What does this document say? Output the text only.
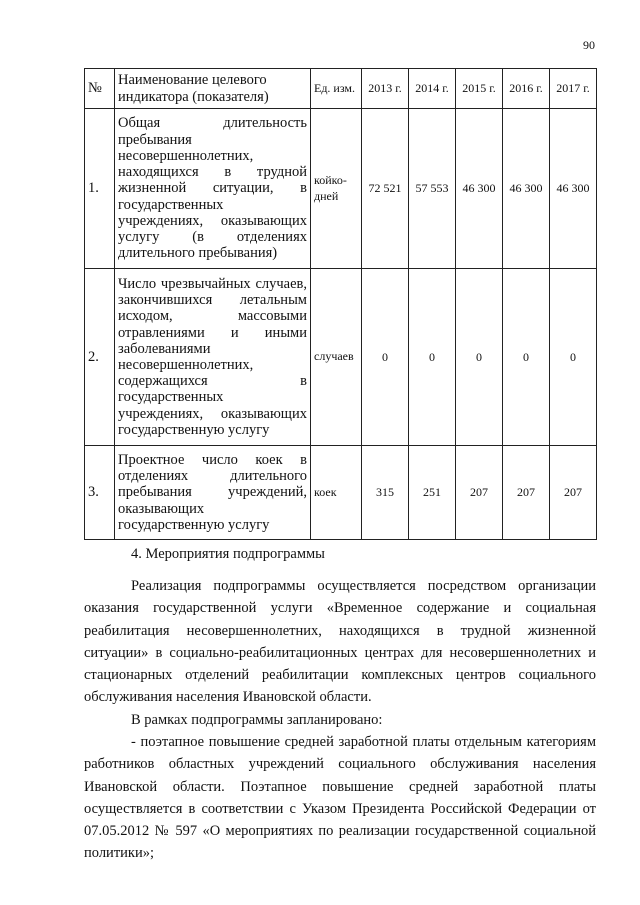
90
№	Наименование целевого индикатора (показателя)	Ед. изм.	2013 г.	2014 г.	2015 г.	2016 г.	2017 г.
1.	Общая длительность пребывания несовершеннолетних, находящихся в трудной жизненной ситуации, в государственных учреждениях, оказывающих услугу (в отделениях длительного пребывания)	койко-дней	72 521	57 553	46 300	46 300	46 300
2.	Число чрезвычайных случаев, закончившихся летальным исходом, массовыми отравлениями и иными заболеваниями несовершеннолетних, содержащихся в государственных учреждениях, оказывающих государственную услугу	случаев	0	0	0	0	0
3.	Проектное число коек в отделениях длительного пребывания учреждений, оказывающих государственную услугу	коек	315	251	207	207	207

4. Мероприятия подпрограммы

Реализация подпрограммы осуществляется посредством организации оказания государственной услуги «Временное содержание и социальная реабилитация несовершеннолетних, находящихся в трудной жизненной ситуации» в социально-реабилитационных центрах для несовершеннолетних и стационарных отделений реабилитации комплексных центров социального обслуживания населения Ивановской области.

В рамках подпрограммы запланировано:

- поэтапное повышение средней заработной платы отдельным категориям работников областных учреждений социального обслуживания населения Ивановской области. Поэтапное повышение средней заработной платы осуществляется в соответствии с Указом Президента Российской Федерации от 07.05.2012 № 597 «О мероприятиях по реализации государственной социальной политики»;
